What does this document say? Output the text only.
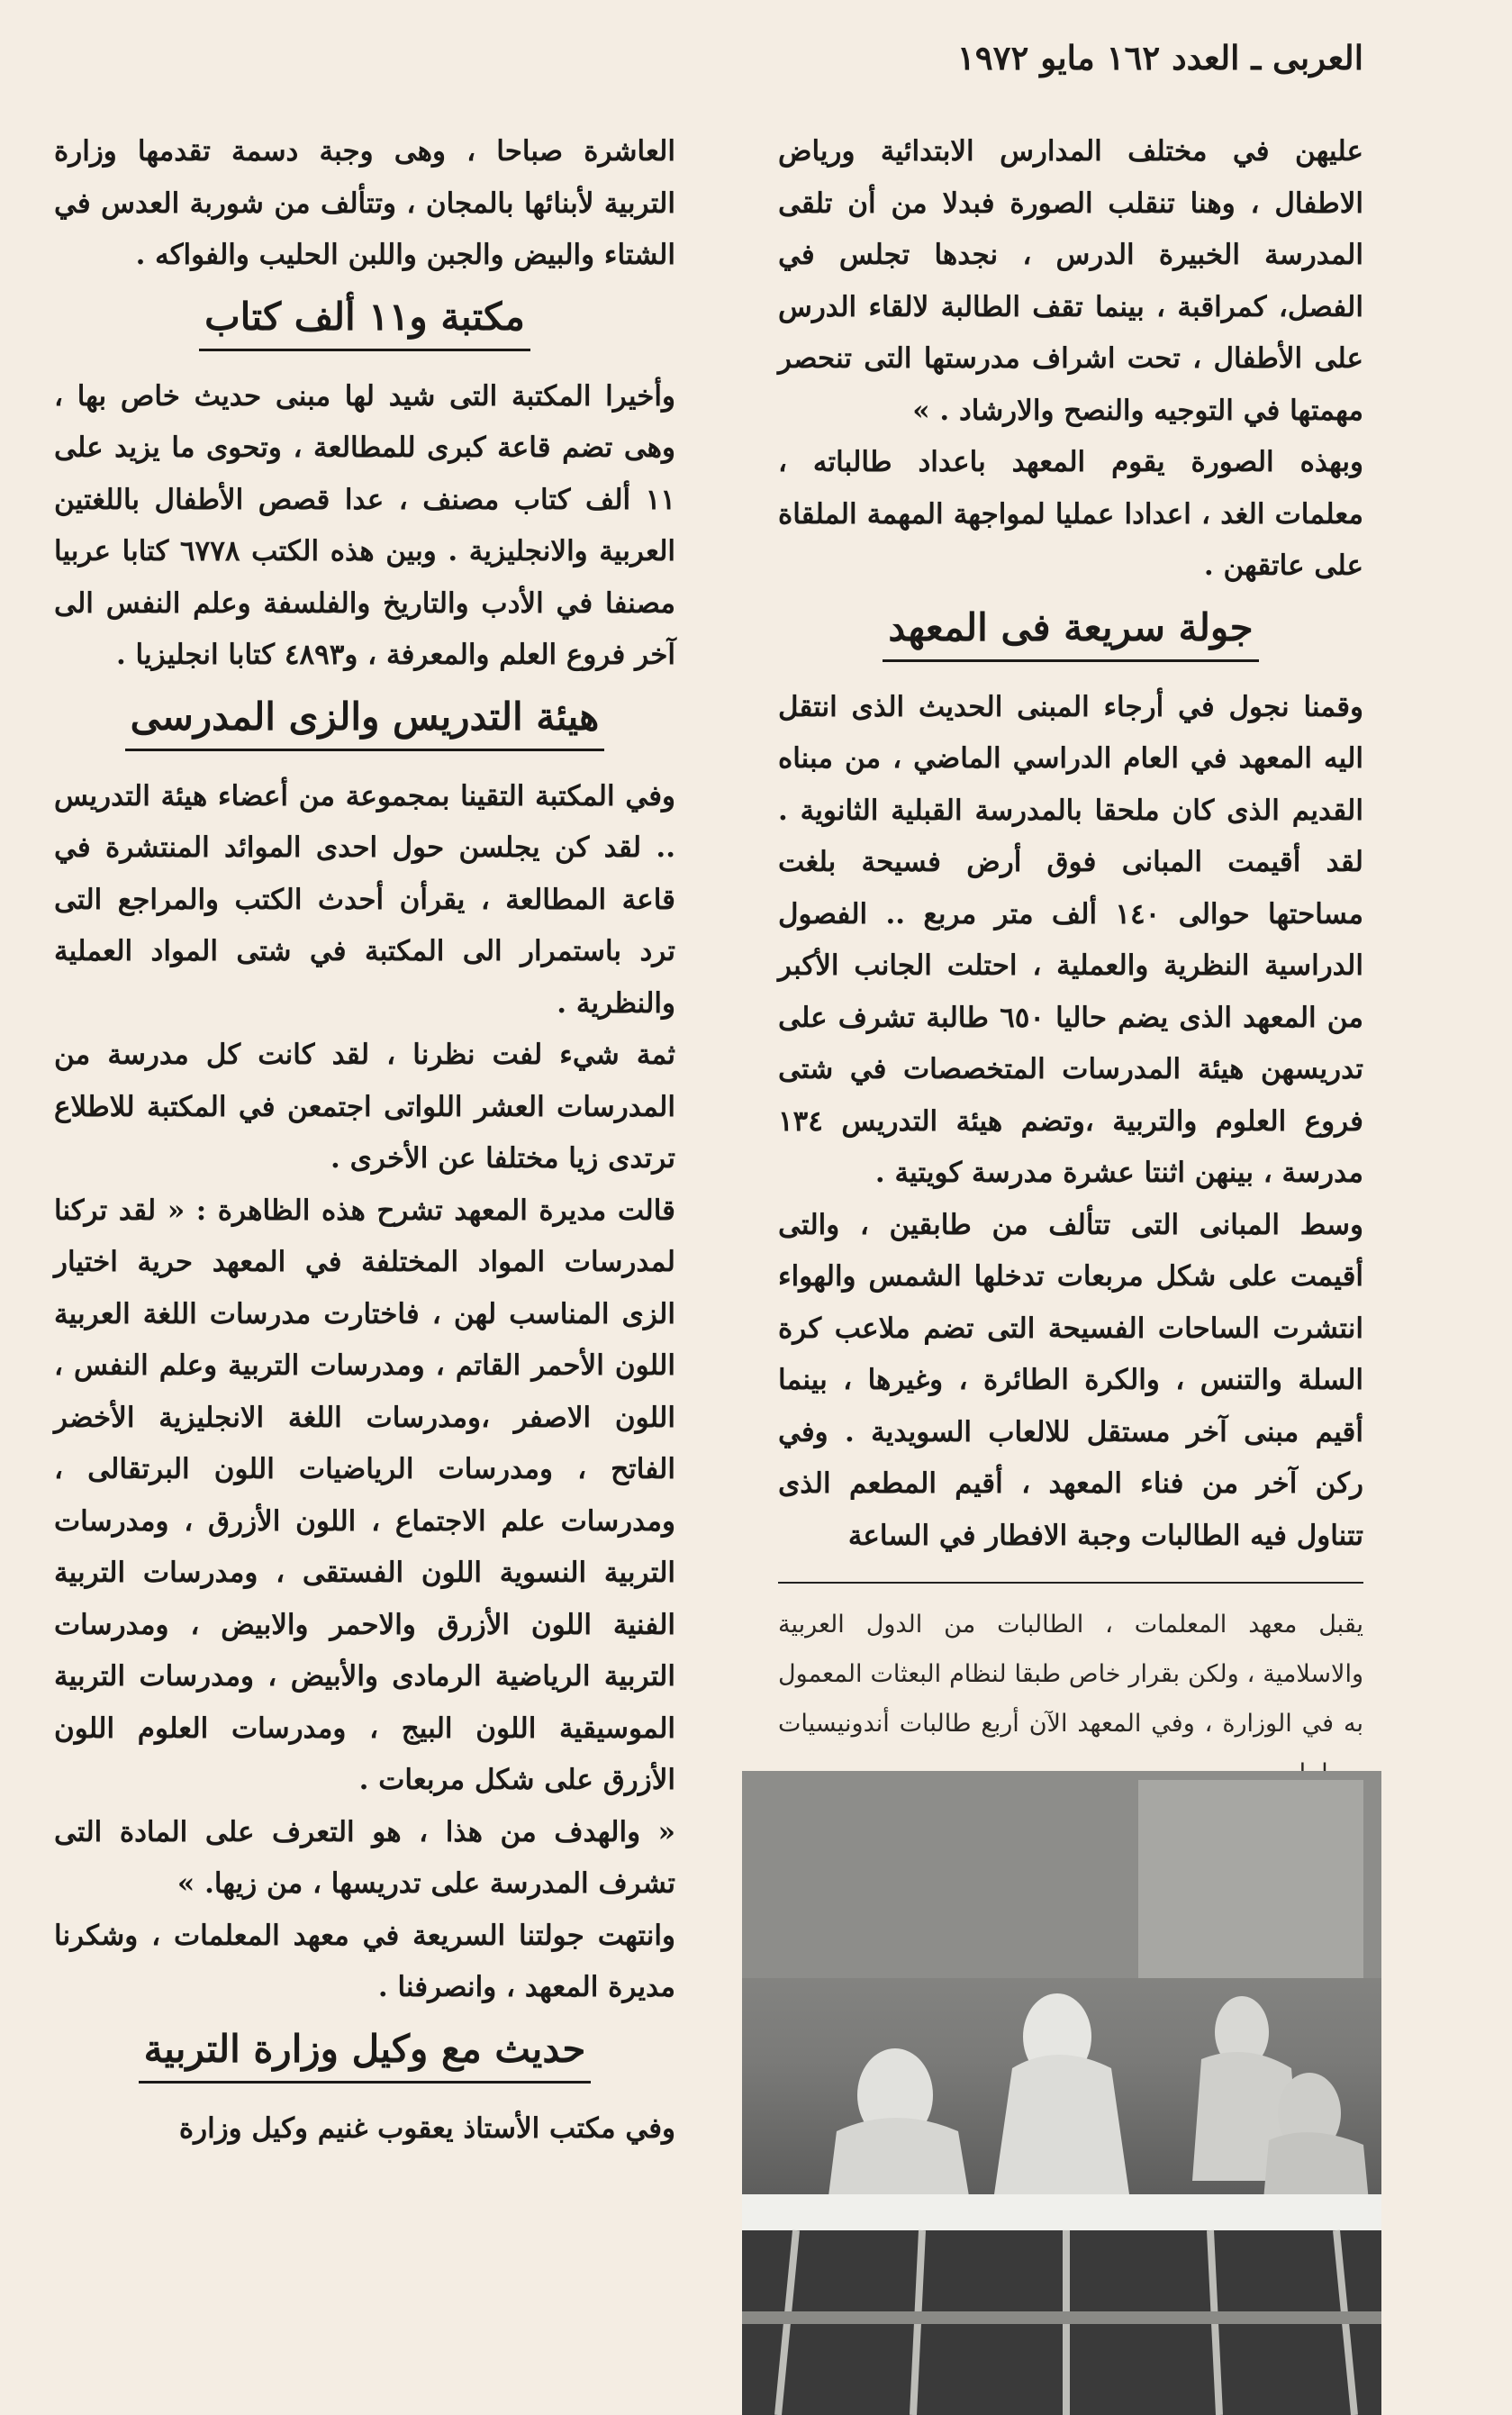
العربى ـ العدد ١٦٢ مايو ١٩٧٢

عليهن في مختلف المدارس الابتدائية ورياض الاطفال ، وهنا تنقلب الصورة فبدلا من أن تلقى المدرسة الخبيرة الدرس ، نجدها تجلس في الفصل، كمراقبة ، بينما تقف الطالبة لالقاء الدرس على الأطفال ، تحت اشراف مدرستها التى تنحصر مهمتها في التوجيه والنصح والارشاد . »

وبهذه الصورة يقوم المعهد باعداد طالباته ، معلمات الغد ، اعدادا عمليا لمواجهة المهمة الملقاة على عاتقهن .

جولة سريعة فى المعهد

وقمنا نجول في أرجاء المبنى الحديث الذى انتقل اليه المعهد في العام الدراسي الماضي ، من مبناه القديم الذى كان ملحقا بالمدرسة القبلية الثانوية . لقد أقيمت المبانى فوق أرض فسيحة بلغت مساحتها حوالى ١٤٠ ألف متر مربع .. الفصول الدراسية النظرية والعملية ، احتلت الجانب الأكبر من المعهد الذى يضم حاليا ٦٥٠ طالبة تشرف على تدريسهن هيئة المدرسات المتخصصات في شتى فروع العلوم والتربية ،وتضم هيئة التدريس ١٣٤ مدرسة ، بينهن اثنتا عشرة مدرسة كويتية .

وسط المبانى التى تتألف من طابقين ، والتى أقيمت على شكل مربعات تدخلها الشمس والهواء انتشرت الساحات الفسيحة التى تضم ملاعب كرة السلة والتنس ، والكرة الطائرة ، وغيرها ، بينما أقيم مبنى آخر مستقل للالعاب السويدية . وفي ركن آخر من فناء المعهد ، أقيم المطعم الذى تتناول فيه الطالبات وجبة الافطار في الساعة

يقبل معهد المعلمات ، الطالبات من الدول العربية والاسلامية ، ولكن بقرار خاص طبقا لنظام البعثات المعمول به في الوزارة ، وفي المعهد الآن أربع طالبات أندونيسيات

العاشرة صباحا ، وهى وجبة دسمة تقدمها وزارة التربية لأبنائها بالمجان ، وتتألف من شوربة العدس في الشتاء والبيض والجبن واللبن الحليب والفواكه .

مكتبة و١١ ألف كتاب

وأخيرا المكتبة التى شيد لها مبنى حديث خاص بها ، وهى تضم قاعة كبرى للمطالعة ، وتحوى ما يزيد على ١١ ألف كتاب مصنف ، عدا قصص الأطفال باللغتين العربية والانجليزية . وبين هذه الكتب ٦٧٧٨ كتابا عربيا مصنفا في الأدب والتاريخ والفلسفة وعلم النفس الى آخر فروع العلم والمعرفة ، و٤٨٩٣ كتابا انجليزيا .

هيئة التدريس والزى المدرسى

وفي المكتبة التقينا بمجموعة من أعضاء هيئة التدريس .. لقد كن يجلسن حول احدى الموائد المنتشرة في قاعة المطالعة ، يقرأن أحدث الكتب والمراجع التى ترد باستمرار الى المكتبة في شتى المواد العملية والنظرية .

ثمة شيء لفت نظرنا ، لقد كانت كل مدرسة من المدرسات العشر اللواتى اجتمعن في المكتبة للاطلاع ترتدى زيا مختلفا عن الأخرى .

قالت مديرة المعهد تشرح هذه الظاهرة : « لقد تركنا لمدرسات المواد المختلفة في المعهد حرية اختيار الزى المناسب لهن ، فاختارت مدرسات اللغة العربية اللون الأحمر القاتم ، ومدرسات التربية وعلم النفس ، اللون الاصفر ،ومدرسات اللغة الانجليزية الأخضر الفاتح ، ومدرسات الرياضيات اللون البرتقالى ، ومدرسات علم الاجتماع ، اللون الأزرق ، ومدرسات التربية النسوية اللون الفستقى ، ومدرسات التربية الفنية اللون الأزرق والاحمر والابيض ، ومدرسات التربية الرياضية الرمادى والأبيض ، ومدرسات التربية الموسيقية اللون البيج ، ومدرسات العلوم اللون الأزرق على شكل مربعات .

« والهدف من هذا ، هو التعرف على المادة التى تشرف المدرسة على تدريسها ، من زيها. »

وانتهت جولتنا السريعة في معهد المعلمات ، وشكرنا مديرة المعهد ، وانصرفنا .

حديث مع وكيل وزارة التربية

وفي مكتب الأستاذ يعقوب غنيم وكيل وزارة
